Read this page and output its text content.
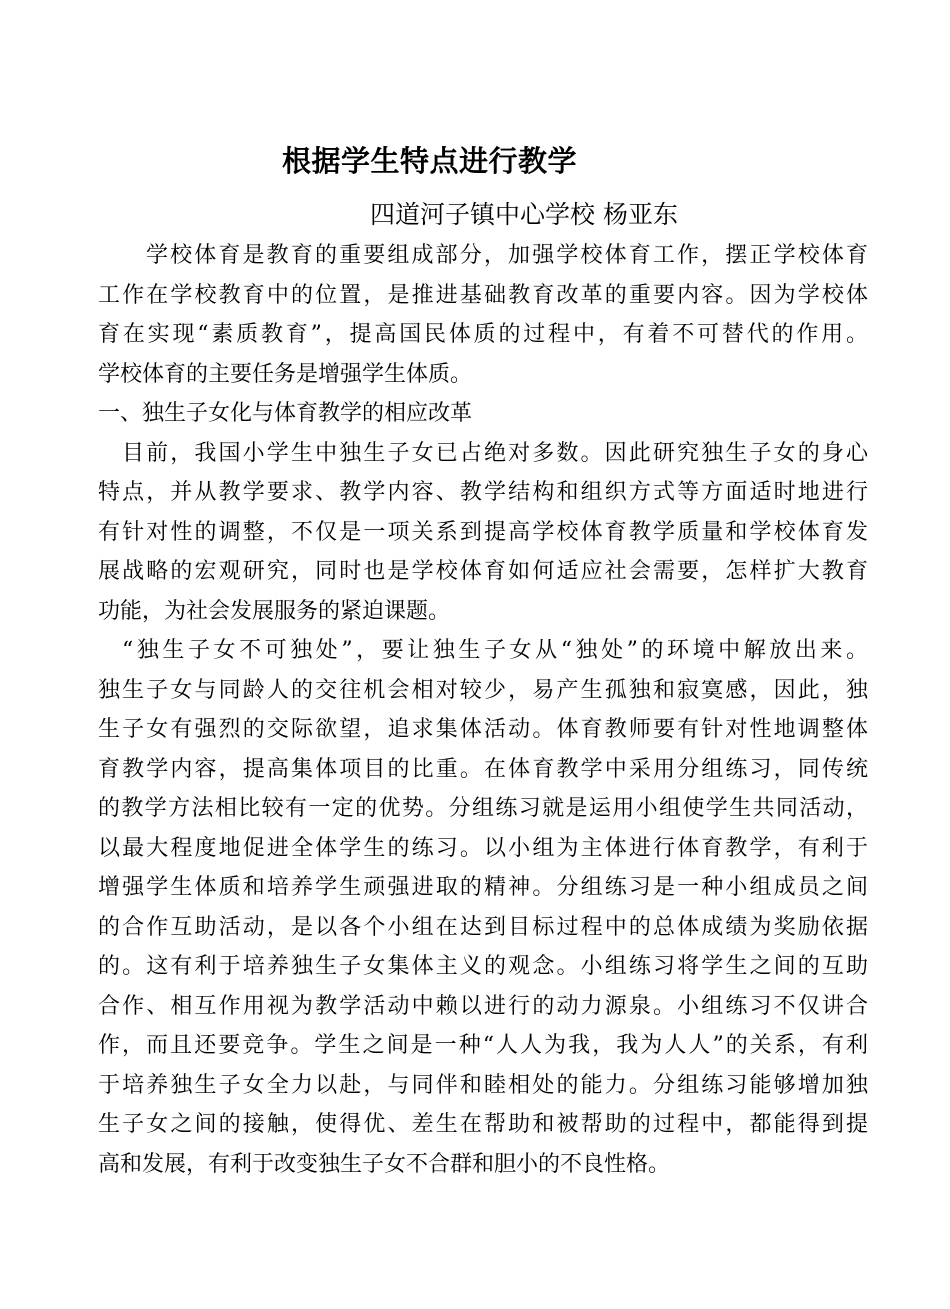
根据学生特点进行教学

四道河子镇中心学校 杨亚东

学校体育是教育的重要组成部分，加强学校体育工作，摆正学校体育
工作在学校教育中的位置，是推进基础教育改革的重要内容。因为学校体
育在实现“素质教育”，提高国民体质的过程中，有着不可替代的作用。
学校体育的主要任务是增强学生体质。
一、独生子女化与体育教学的相应改革
目前，我国小学生中独生子女已占绝对多数。因此研究独生子女的身心
特点，并从教学要求、教学内容、教学结构和组织方式等方面适时地进行
有针对性的调整，不仅是一项关系到提高学校体育教学质量和学校体育发
展战略的宏观研究，同时也是学校体育如何适应社会需要，怎样扩大教育
功能，为社会发展服务的紧迫课题。
“独生子女不可独处”，要让独生子女从“独处”的环境中解放出来。
独生子女与同龄人的交往机会相对较少，易产生孤独和寂寞感，因此，独
生子女有强烈的交际欲望，追求集体活动。体育教师要有针对性地调整体
育教学内容，提高集体项目的比重。在体育教学中采用分组练习，同传统
的教学方法相比较有一定的优势。分组练习就是运用小组使学生共同活动，
以最大程度地促进全体学生的练习。以小组为主体进行体育教学，有利于
增强学生体质和培养学生顽强进取的精神。分组练习是一种小组成员之间
的合作互助活动，是以各个小组在达到目标过程中的总体成绩为奖励依据
的。这有利于培养独生子女集体主义的观念。小组练习将学生之间的互助
合作、相互作用视为教学活动中赖以进行的动力源泉。小组练习不仅讲合
作，而且还要竞争。学生之间是一种“人人为我，我为人人”的关系，有利
于培养独生子女全力以赴，与同伴和睦相处的能力。分组练习能够增加独
生子女之间的接触，使得优、差生在帮助和被帮助的过程中，都能得到提
高和发展，有利于改变独生子女不合群和胆小的不良性格。
